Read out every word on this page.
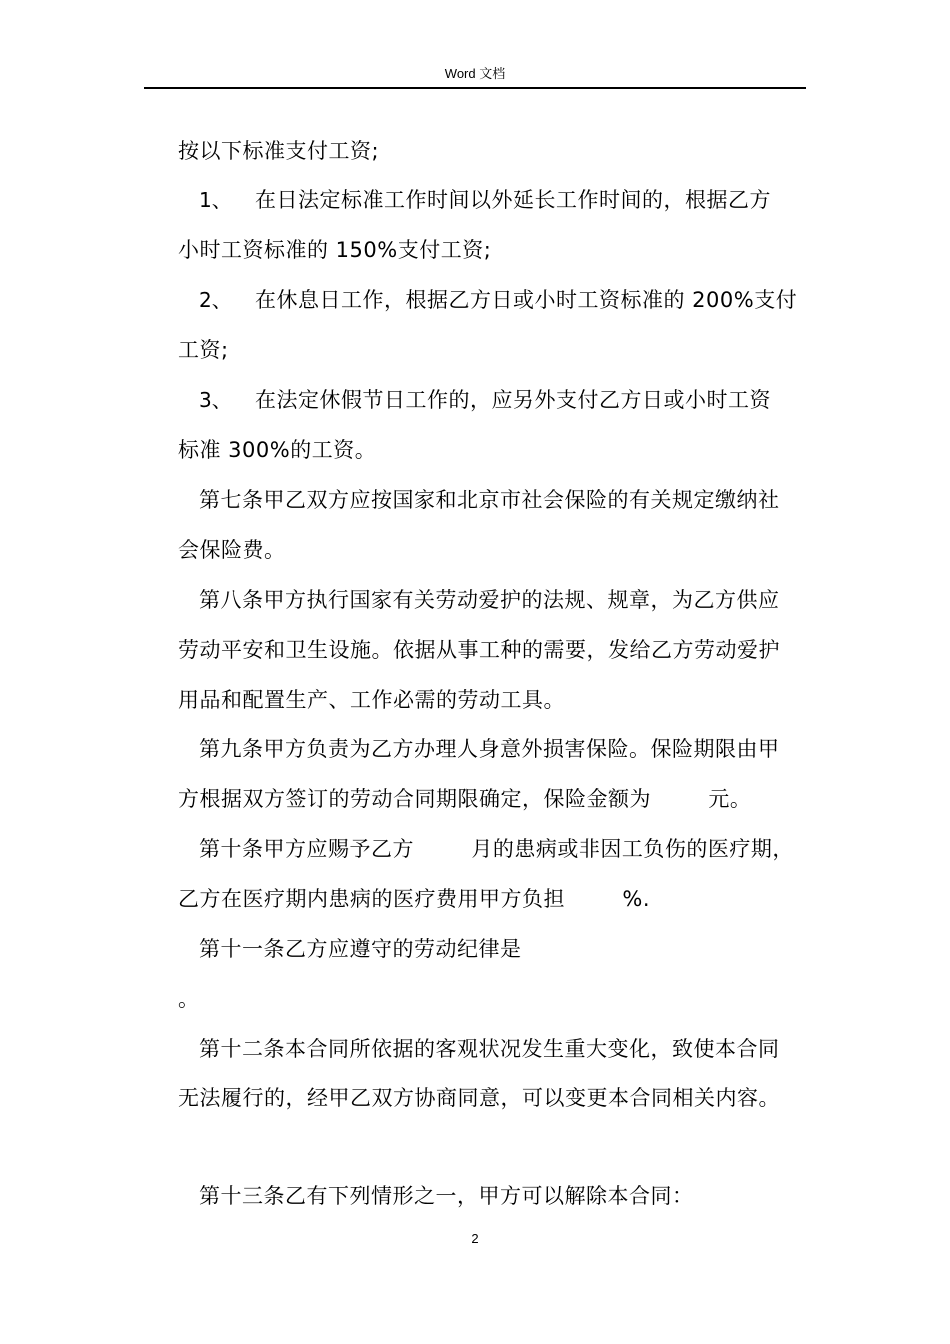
Word 文档
按以下标准支付工资;
1、 在日法定标准工作时间以外延长工作时间的，根据乙方
小时工资标准的 150%支付工资;
2、 在休息日工作，根据乙方日或小时工资标准的 200%支付
工资;
3、 在法定休假节日工作的，应另外支付乙方日或小时工资
标准 300%的工资。
第七条甲乙双方应按国家和北京市社会保险的有关规定缴纳社
会保险费。
第八条甲方执行国家有关劳动爱护的法规、规章，为乙方供应
劳动平安和卫生设施。依据从事工种的需要，发给乙方劳动爱护
用品和配置生产、工作必需的劳动工具。
第九条甲方负责为乙方办理人身意外损害保险。保险期限由甲
方根据双方签订的劳动合同期限确定，保险金额为        元。
第十条甲方应赐予乙方        月的患病或非因工负伤的医疗期，
乙方在医疗期内患病的医疗费用甲方负担        %.
第十一条乙方应遵守的劳动纪律是
。
第十二条本合同所依据的客观状况发生重大变化，致使本合同
无法履行的，经甲乙双方协商同意，可以变更本合同相关内容。
第十三条乙有下列情形之一，甲方可以解除本合同：
2
